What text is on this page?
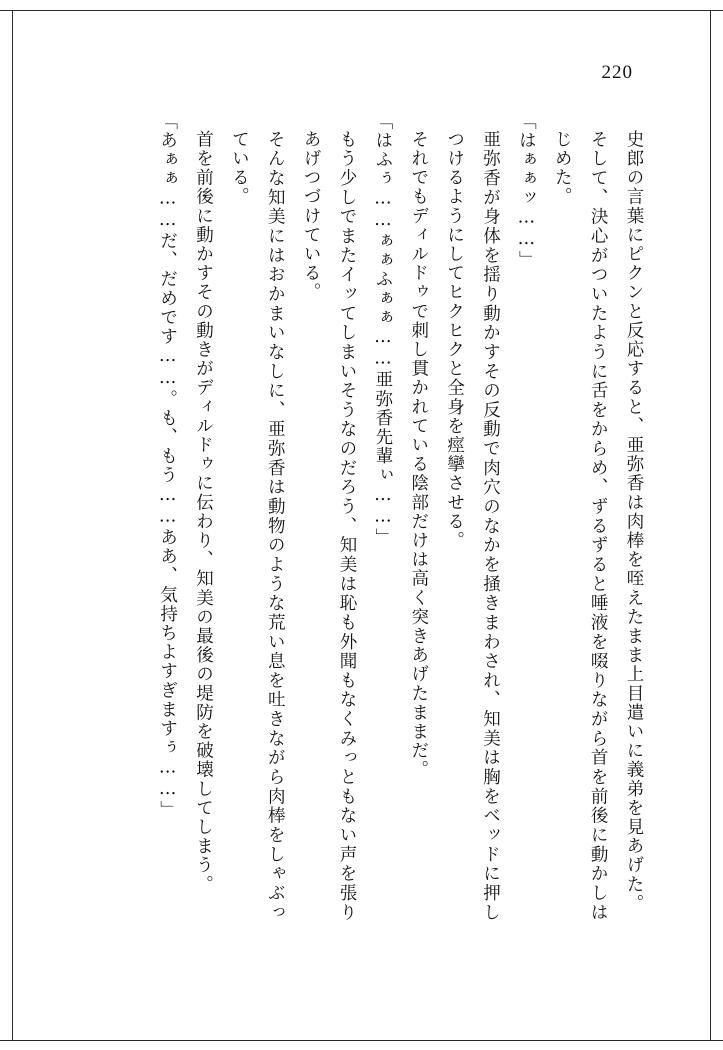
220

史郎の言葉にピクンと反応すると、亜弥香は肉棒を咥えたまま上目遣いに義弟を見あげた。

そして、決心がついたように舌をからめ、ずるずると唾液を啜りながら首を前後に動かしはじめた。

「はぁぁッ……」

亜弥香が身体を揺り動かすその反動で肉穴のなかを掻きまわされ、知美は胸をベッドに押しつけるようにしてヒクヒクと全身を痙攣させる。

それでもディルドゥで刺し貫かれている陰部だけは高く突きあげたままだ。

「はふぅ……ぁぁふぁぁ……亜弥香先輩ぃ……」

もう少しでまたイッてしまいそうなのだろう、知美は恥も外聞もなくみっともない声を張りあげつづけている。

そんな知美にはおかまいなしに、亜弥香は動物のような荒い息を吐きながら肉棒をしゃぶっている。

首を前後に動かすその動きがディルドゥに伝わり、知美の最後の堤防を破壊してしまう。

「あぁぁ……だ、だめです……。も、もう……ああ、気持ちよすぎますぅ……」
